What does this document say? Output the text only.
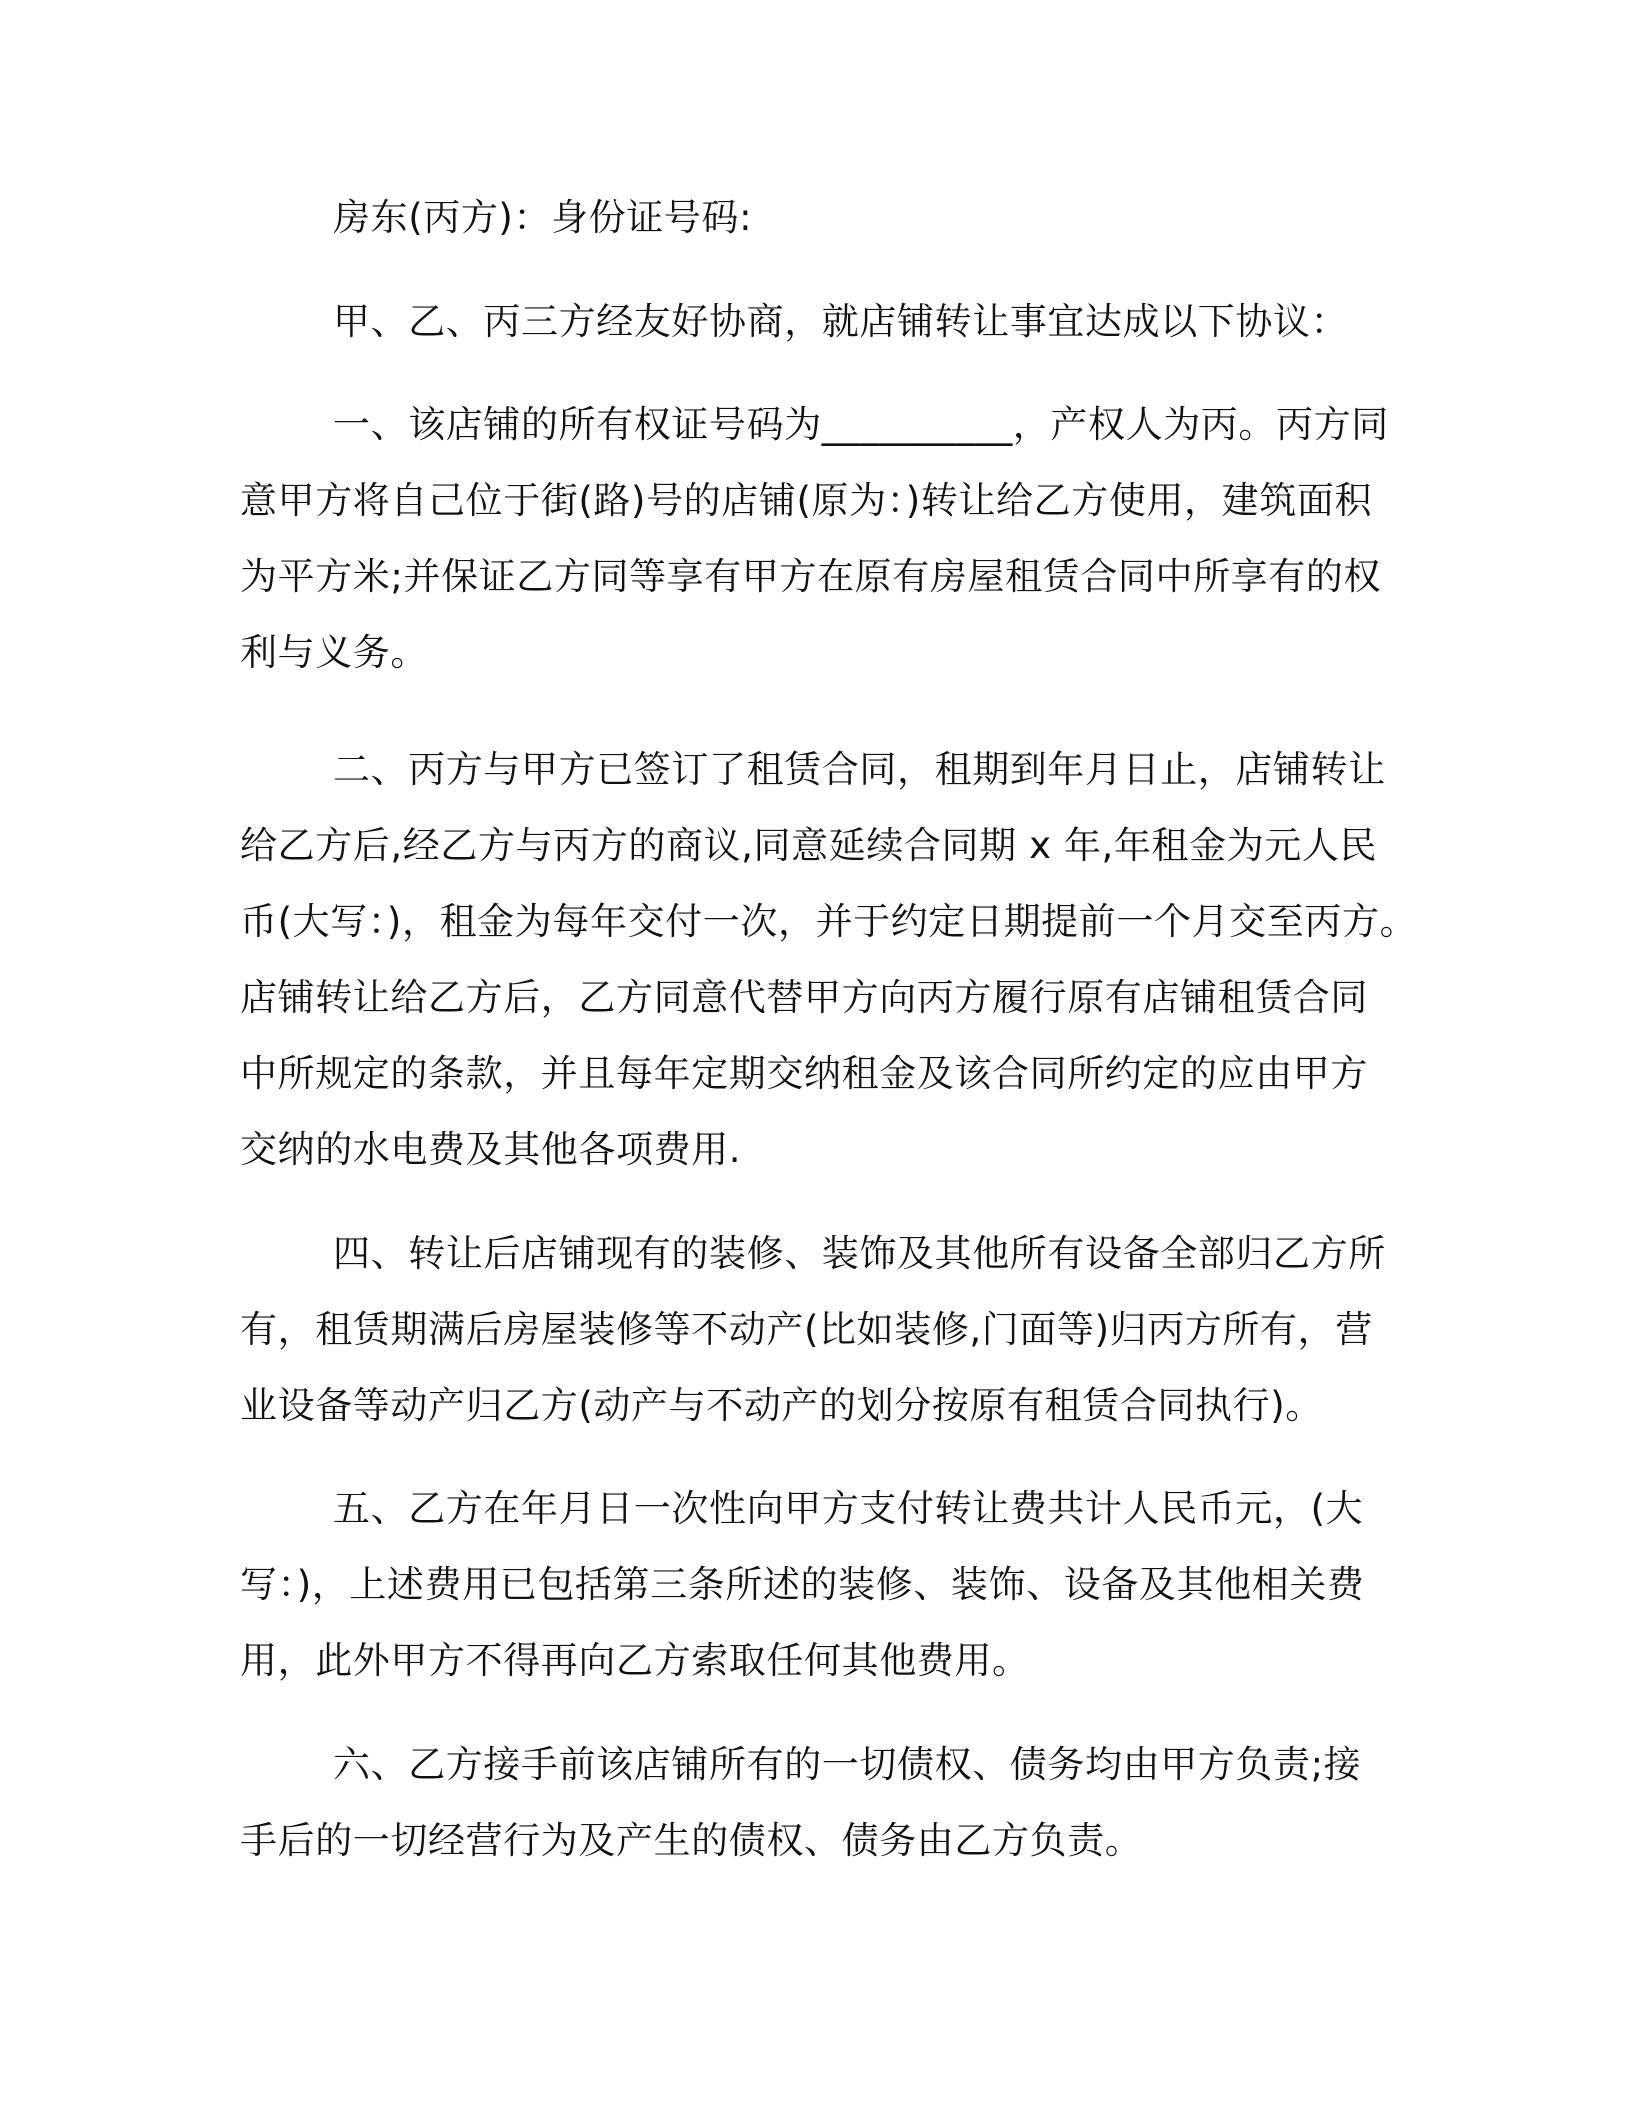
房东(丙方)：身份证号码:

甲、乙、丙三方经友好协商，就店铺转让事宜达成以下协议：

一、该店铺的所有权证号码为__________，产权人为丙。丙方同
意甲方将自己位于街(路)号的店铺(原为：)转让给乙方使用，建筑面积
为平方米;并保证乙方同等享有甲方在原有房屋租赁合同中所享有的权
利与义务。

二、丙方与甲方已签订了租赁合同，租期到年月日止，店铺转让
给乙方后,经乙方与丙方的商议,同意延续合同期 x 年,年租金为元人民
币(大写：)，租金为每年交付一次，并于约定日期提前一个月交至丙方。
店铺转让给乙方后，乙方同意代替甲方向丙方履行原有店铺租赁合同
中所规定的条款，并且每年定期交纳租金及该合同所约定的应由甲方
交纳的水电费及其他各项费用.

四、转让后店铺现有的装修、装饰及其他所有设备全部归乙方所
有，租赁期满后房屋装修等不动产(比如装修,门面等)归丙方所有，营
业设备等动产归乙方(动产与不动产的划分按原有租赁合同执行)。

五、乙方在年月日一次性向甲方支付转让费共计人民币元，(大
写：)，上述费用已包括第三条所述的装修、装饰、设备及其他相关费
用，此外甲方不得再向乙方索取任何其他费用。

六、乙方接手前该店铺所有的一切债权、债务均由甲方负责;接
手后的一切经营行为及产生的债权、债务由乙方负责。
